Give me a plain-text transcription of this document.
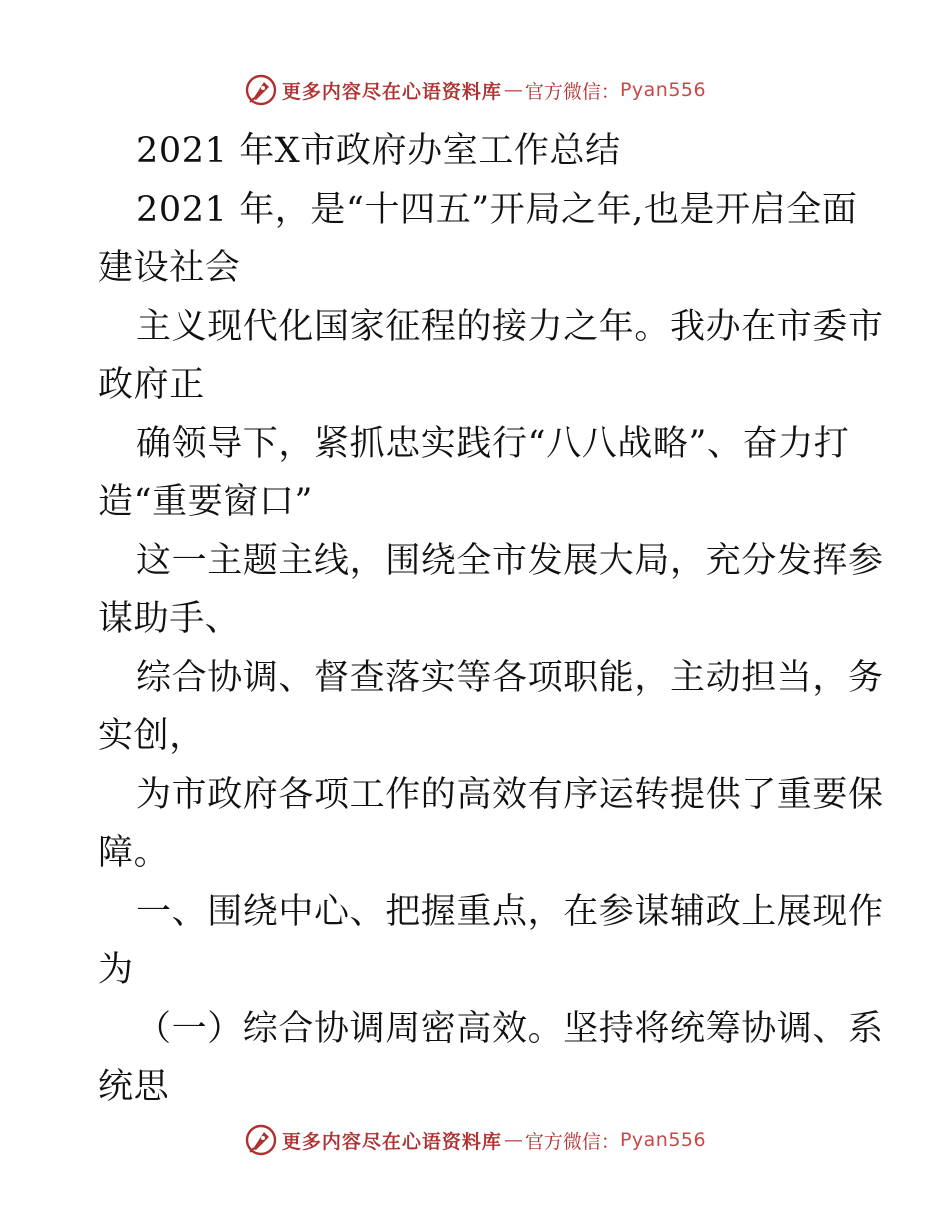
更多内容尽在心语资料库 — 官方微信： Pyan556
2021 年X市政府办室工作总结
2021 年，是“十四五”开局之年,也是开启全面
建设社会
主义现代化国家征程的接力之年。我办在市委市
政府正
确领导下，紧抓忠实践行“八八战略”、奋力打
造“重要窗口”
这一主题主线，围绕全市发展大局，充分发挥参
谋助手、
综合协调、督查落实等各项职能，主动担当，务
实创，
为市政府各项工作的高效有序运转提供了重要保
障。
一、围绕中心、把握重点，在参谋辅政上展现作
为
（一）综合协调周密高效。坚持将统筹协调、系
统思
更多内容尽在心语资料库 — 官方微信： Pyan556
